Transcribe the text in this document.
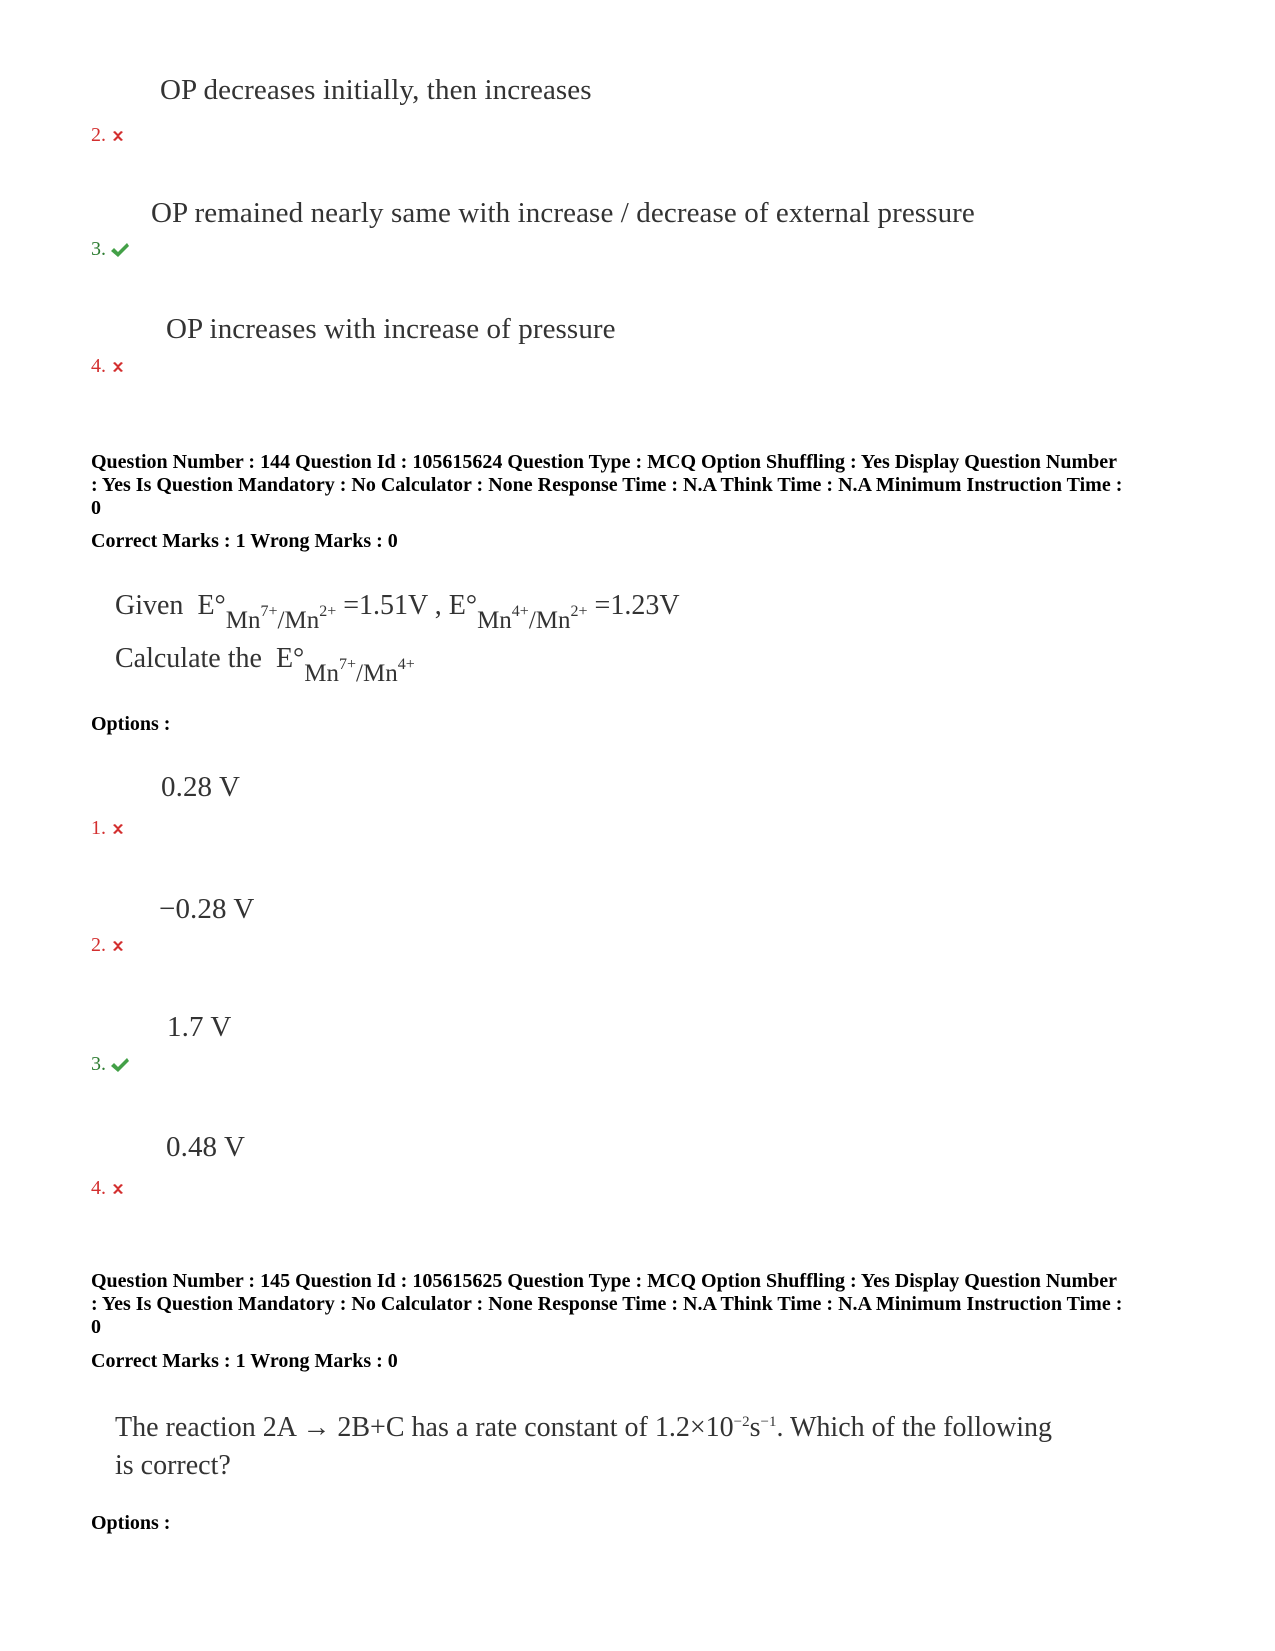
OP decreases initially, then increases
2.
OP remained nearly same with increase / decrease of external pressure
3.
OP increases with increase of pressure
4.
Question Number : 144 Question Id : 105615624 Question Type : MCQ Option Shuffling : Yes Display Question Number
: Yes Is Question Mandatory : No Calculator : None Response Time : N.A Think Time : N.A Minimum Instruction Time :
0
Correct Marks : 1 Wrong Marks : 0
Given $E^\circ Mn^{7+}/Mn^{2+} =1.51V$ , $E^\circ Mn^{4+}/Mn^{2+} =1.23V$
Calculate the $E^\circ Mn^{7+}/Mn^{4+}$
Options :
0.28 V
1.
−0.28 V
2.
1.7 V
3.
0.48 V
4.
Question Number : 145 Question Id : 105615625 Question Type : MCQ Option Shuffling : Yes Display Question Number
: Yes Is Question Mandatory : No Calculator : None Response Time : N.A Think Time : N.A Minimum Instruction Time :
0
Correct Marks : 1 Wrong Marks : 0
The reaction 2A → 2B+C has a rate constant of $1.2\times 10^{-2}s^{-1}$. Which of the following
is correct?
Options :
